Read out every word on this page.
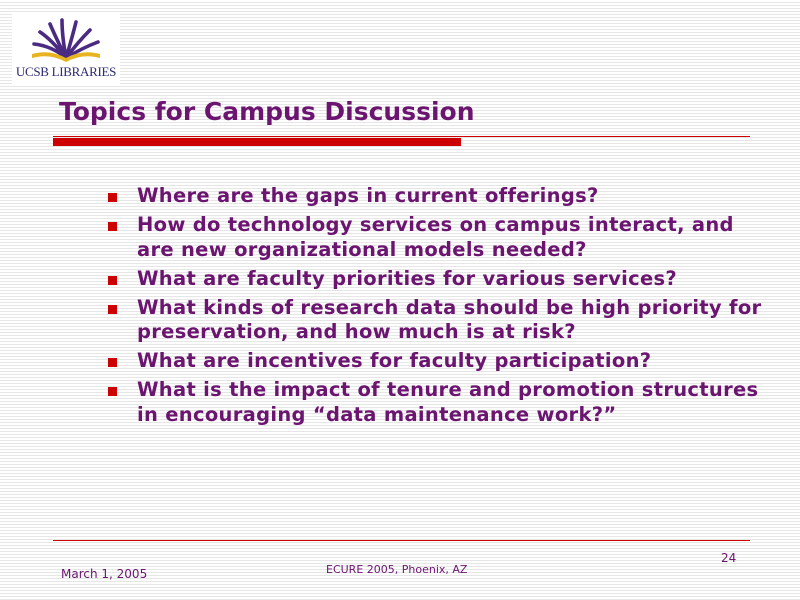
UCSB LIBRARIES
Topics for Campus Discussion
Where are the gaps in current offerings?
How do technology services on campus interact, and are new organizational models needed?
What are faculty priorities for various services?
What kinds of research data should be high priority for preservation, and how much is at risk?
What are incentives for faculty participation?
What is the impact of tenure and promotion structures in encouraging “data maintenance work?”
March 1, 2005	ECURE 2005, Phoenix, AZ
24
